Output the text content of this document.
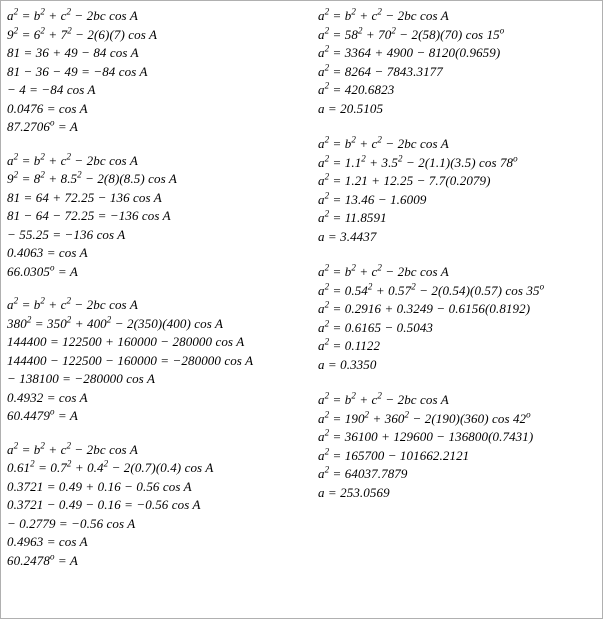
$a^2 = b^2 + c^2 - 2bc$ cos A
$9^2 = 6^2 + 7^2 - 2(6)(7)$ cos A
81 = 36 + 49 − 84 cos A
81 − 36 − 49 = −84 cos A
− 4 = −84 cos A
0.0476 = cos A
$87.2706^o = A$
$a^2 = b^2 + c^2 - 2bc$ cos A
$9^2 = 8^2 + 8.5^2 - 2(8)(8.5)$ cos A
81 = 64 + 72.25 − 136 cos A
81 − 64 − 72.25 = −136 cos A
− 55.25 = −136 cos A
0.4063 = cos A
$66.0305^o = A$
$a^2 = b^2 + c^2 - 2bc$ cos A
$380^2 = 350^2 + 400^2 - 2(350)(400)$ cos A
144400 = 122500 + 160000 − 280000 cos A
144400 − 122500 − 160000 = −280000 cos A
− 138100 = −280000 cos A
0.4932 = cos A
$60.4479^o = A$
$a^2 = b^2 + c^2 - 2bc$ cos A
$0.61^2 = 0.7^2 + 0.4^2 - 2(0.7)(0.4)$ cos A
0.3721 = 0.49 + 0.16 − 0.56 cos A
0.3721 − 0.49 − 0.16 = −0.56 cos A
− 0.2779 = −0.56 cos A
0.4963 = cos A
$60.2478^o = A$
$a^2 = b^2 + c^2 - 2bc$ cos A
$a^2 = 58^2 + 70^2 - 2(58)(70)$ cos 15$^o$
$a^2 = 3364 + 4900 - 8120(0.9659)$
$a^2 = 8264 - 7843.3177$
$a^2 = 420.6823$
a = 20.5105
$a^2 = b^2 + c^2 - 2bc$ cos A
$a^2 = 1.1^2 + 3.5^2 - 2(1.1)(3.5)$ cos 78$^o$
$a^2 = 1.21 + 12.25 - 7.7(0.2079)$
$a^2 = 13.46 - 1.6009$
$a^2 = 11.8591$
a = 3.4437
$a^2 = b^2 + c^2 - 2bc$ cos A
$a^2 = 0.54^2 + 0.57^2 - 2(0.54)(0.57)$ cos 35$^o$
$a^2 = 0.2916 + 0.3249 - 0.6156(0.8192)$
$a^2 = 0.6165 - 0.5043$
$a^2 = 0.1122$
a = 0.3350
$a^2 = b^2 + c^2 - 2bc$ cos A
$a^2 = 190^2 + 360^2 - 2(190)(360)$ cos 42$^o$
$a^2 = 36100 + 129600 - 136800(0.7431)$
$a^2 = 165700 - 101662.2121$
$a^2 = 64037.7879$
a = 253.0569
